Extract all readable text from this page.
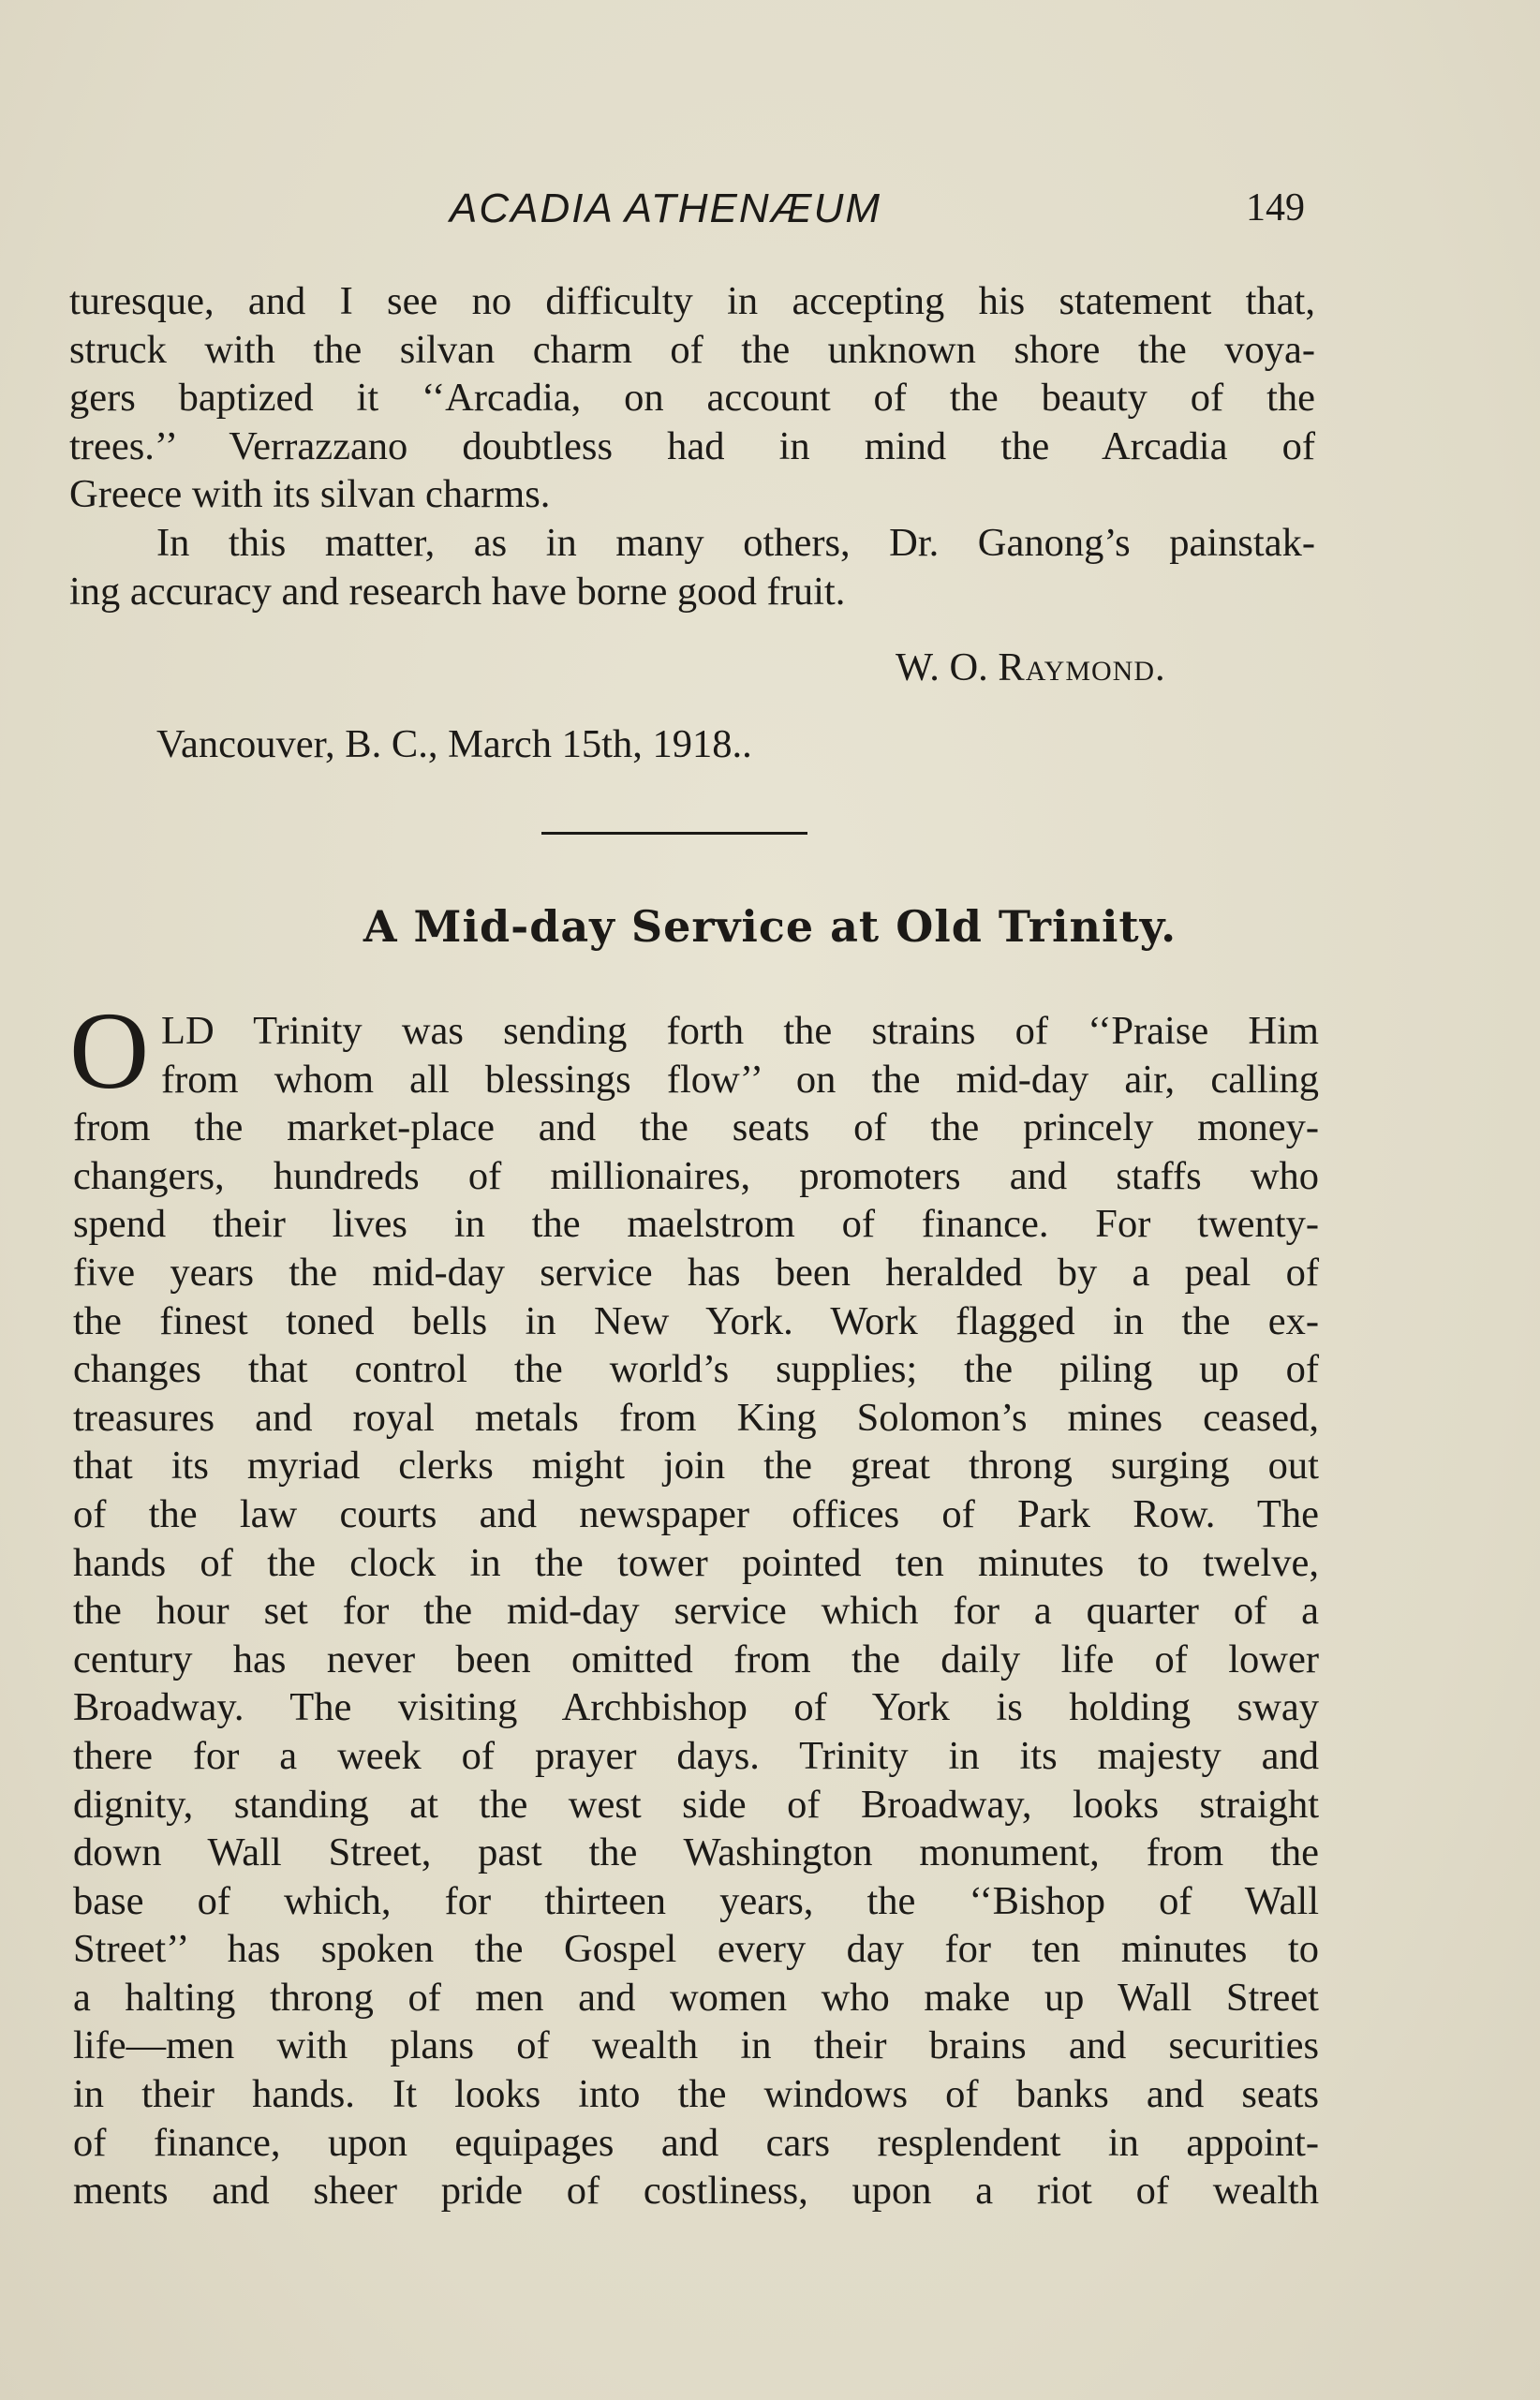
ACADIA ATHENÆUM	149
turesque, and I see no difficulty in accepting his statement that,
struck with the silvan charm of the unknown shore the voya-
gers baptized it ‘‘Arcadia, on account of the beauty of the
trees.’’ Verrazzano doubtless had in mind the Arcadia of
Greece with its silvan charms.
In this matter, as in many others, Dr. Ganong’s painstak-
ing accuracy and research have borne good fruit.
W. O. Raymond.
Vancouver, B. C., March 15th, 1918..
A Mid-day Service at Old Trinity.
O LD Trinity was sending forth the strains of ‘‘Praise Him
from whom all blessings flow’’ on the mid-day air, calling
from the market-place and the seats of the princely money-
changers, hundreds of millionaires, promoters and staffs who
spend their lives in the maelstrom of finance. For twenty-
five years the mid-day service has been heralded by a peal of
the finest toned bells in New York. Work flagged in the ex-
changes that control the world’s supplies; the piling up of
treasures and royal metals from King Solomon’s mines ceased,
that its myriad clerks might join the great throng surging out
of the law courts and newspaper offices of Park Row. The
hands of the clock in the tower pointed ten minutes to twelve,
the hour set for the mid-day service which for a quarter of a
century has never been omitted from the daily life of lower
Broadway. The visiting Archbishop of York is holding sway
there for a week of prayer days. Trinity in its majesty and
dignity, standing at the west side of Broadway, looks straight
down Wall Street, past the Washington monument, from the
base of which, for thirteen years, the ‘‘Bishop of Wall
Street’’ has spoken the Gospel every day for ten minutes to
a halting throng of men and women who make up Wall Street
life—men with plans of wealth in their brains and securities
in their hands. It looks into the windows of banks and seats
of finance, upon equipages and cars resplendent in appoint-
ments and sheer pride of costliness, upon a riot of wealth
